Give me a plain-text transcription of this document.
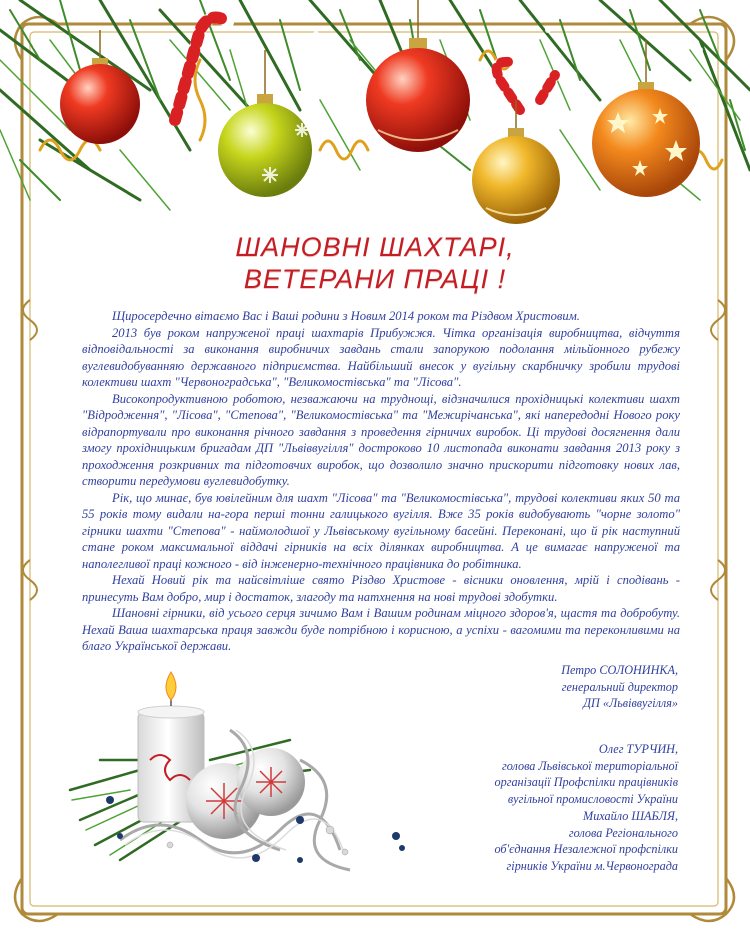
ШАНОВНІ ШАХТАРІ,
ВЕТЕРАНИ ПРАЦІ !

Щиросердечно вітаємо Вас і Ваші родини з Новим 2014 роком та Різдвом Христовим.

2013 був роком напруженої праці шахтарів Прибужжя. Чітка організація виробництва, відчуття відповідальності за виконання виробничих завдань стали запорукою подолання мільйонного рубежу вуглевидобуванняю державного підприємства. Найбільший внесок у вугільну скарбничку зробили трудові колективи шахт "Червоноградська", "Великомостівська" та "Лісова".

Високопродуктивною роботою, незважаючи на труднощі, відзначилися прохідницькі колективи шахт "Відродження", "Лісова", "Степова", "Великомостівська" та "Межирічанська", які напередодні Нового року відрапортували про виконання річного завдання з проведення гірничих виробок. Ці трудові досягнення дали змогу прохідницьким бригадам ДП "Львіввугілля" достроково 10 листопада виконати завдання 2013 року з проходження розкривних та підготовчих виробок, що дозволило значно прискорити підготовку нових лав, створити передумови вуглевидобутку.

Рік, що минає, був ювілейним для шахт "Лісова" та "Великомостівська", трудові колективи яких 50 та 55 років тому видали на-гора перші тонни галицького вугілля. Вже 35 років видобувають "чорне золото" гірники шахти "Степова" - наймолодшої у Львівському вугільному басейні. Переконані, що й рік наступний стане роком максимальної віддачі гірників на всіх ділянках виробництва. А це вимагає напруженої та наполегливої праці кожного - від інженерно-технічного працівника до робітника.

Нехай Новий рік та найсвітліше свято Різдво Христове - вісники оновлення, мрій і сподівань - принесуть Вам добро, мир і достаток, злагоду та натхнення на нові трудові здобутки.

Шановні гірники, від усього серця зичимо Вам і Вашим родинам міцного здоров'я, щастя та добробуту. Нехай Ваша шахтарська праця завжди буде потрібною і корисною, а успіхи - вагомими та переконливими на благо Української держави.

Петро СОЛОНИНКА,
генеральний директор
ДП «Львіввугілля»
Олег ТУРЧИН,
голова Львівської територіальної
організації Профспілки працівників
вугільної промисловості України
Михайло ШАБЛЯ,
голова Регіонального
об'єднання Незалежної профспілки
гірників України м.Червонограда
